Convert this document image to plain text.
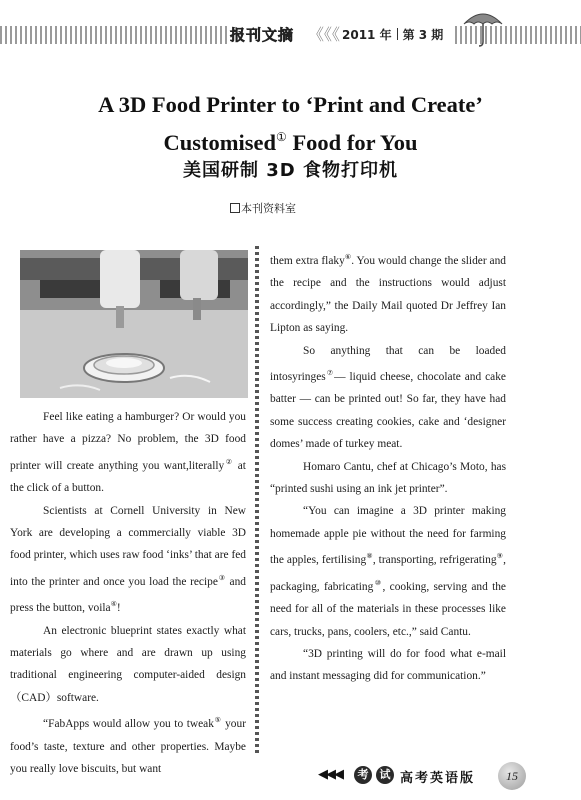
报刊文摘 《《《 2011 年 第 3 期
A 3D Food Printer to ‘Print and Create’
Customised① Food for You
美国研制 3D 食物打印机
本刊资料室

Feel like eating a hamburger? Or would you rather have a pizza? No problem, the 3D food printer will create anything you want,literally② at the click of a button.

Scientists at Cornell University in New York are developing a commercially viable 3D food printer, which uses raw food ‘inks’ that are fed into the printer and once you load the recipe③ and press the button, voila④!

An electronic blueprint states exactly what materials go where and are drawn up using traditional engineering computer-aided design（CAD）software.

“FabApps would allow you to tweak⑤ your food’s taste, texture and other properties. Maybe you really love biscuits, but want

them extra flaky⑥. You would change the slider and the recipe and the instructions would adjust accordingly,” the Daily Mail quoted Dr Jeffrey Ian Lipton as saying.

So anything that can be loaded intosyringes⑦— liquid cheese, chocolate and cake batter — can be printed out! So far, they have had some success creating cookies, cake and ‘designer domes’ made of turkey meat.

Homaro Cantu, chef at Chicago’s Moto, has “printed sushi using an ink jet printer”.

“You can imagine a 3D printer making homemade apple pie without the need for farming the apples, fertilising⑧, transporting, refrigerating⑨, packaging, fabricating⑩, cooking, serving and the need for all of the materials in these processes like cars, trucks, pans, coolers, etc.,” said Cantu.

“3D printing will do for food what e-mail and instant messaging did for communication.”

◀◀◀	考	试 高考英语版	15
